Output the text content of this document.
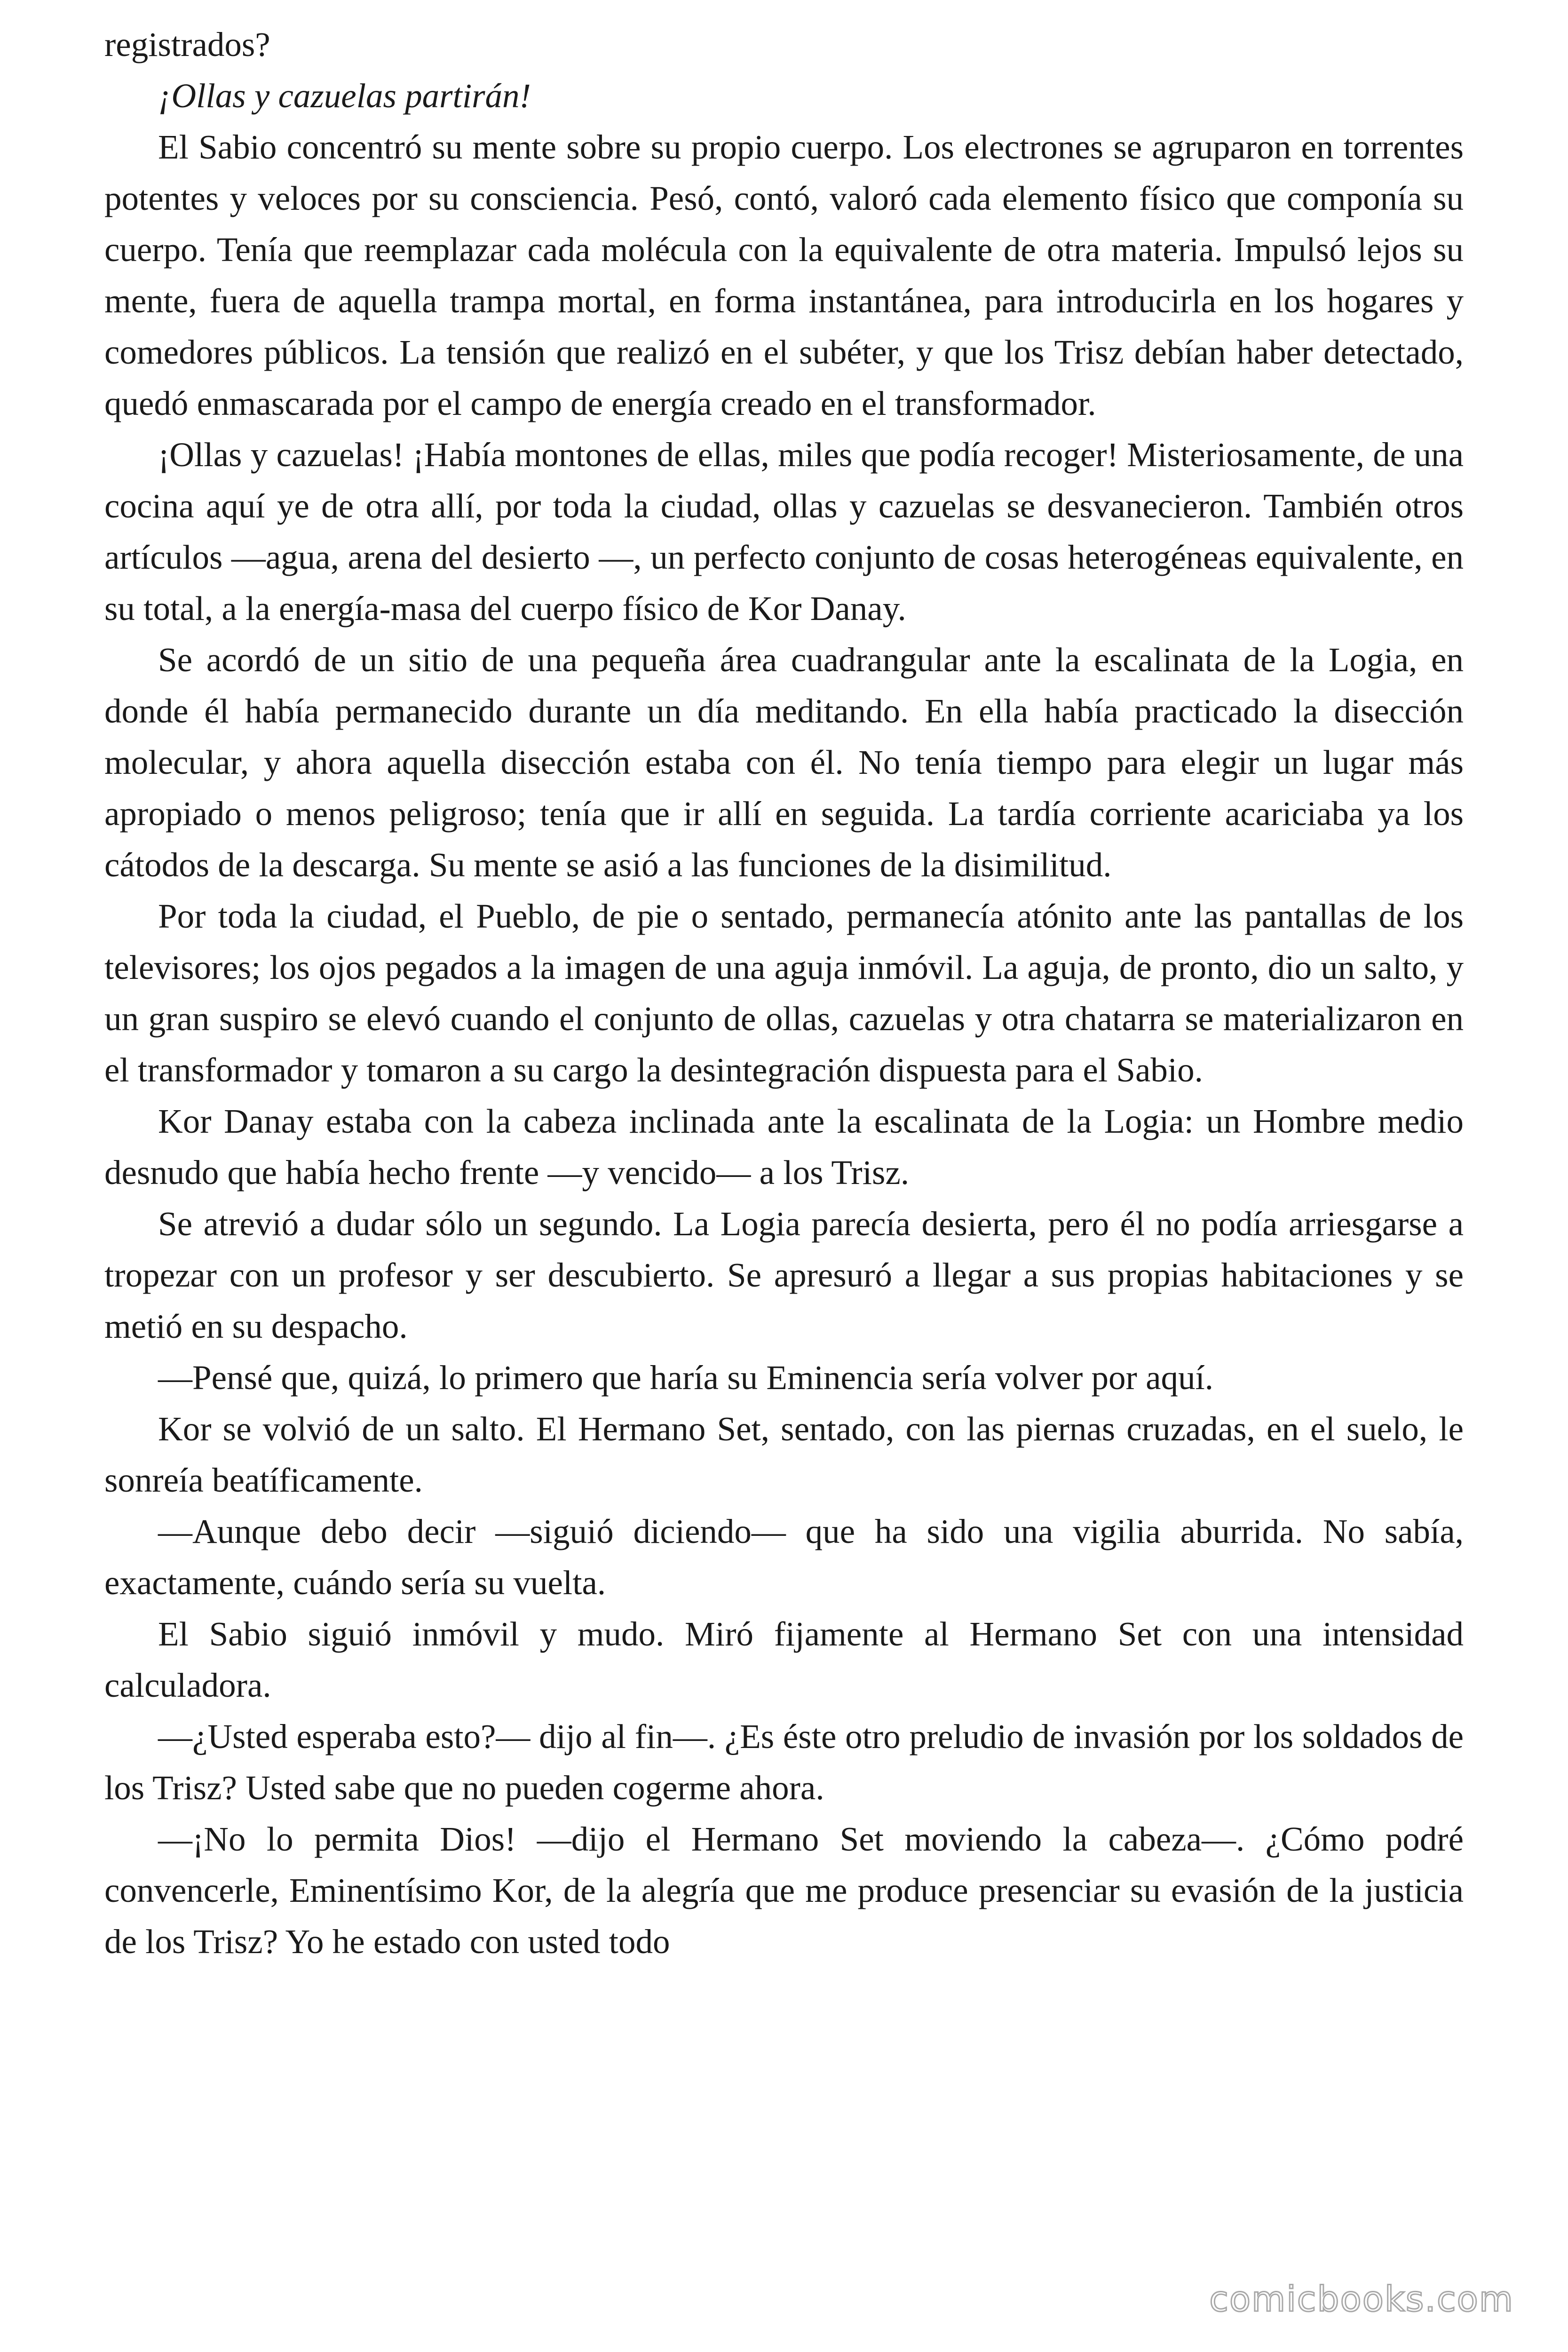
registrados?

¡Ollas y cazuelas partirán!

El Sabio concentró su mente sobre su propio cuerpo. Los electrones se agruparon en torrentes potentes y veloces por su consciencia. Pesó, contó, valoró cada elemento físico que componía su cuerpo. Tenía que reemplazar cada molécula con la equivalente de otra materia. Impulsó lejos su mente, fuera de aquella trampa mortal, en forma instantánea, para introducirla en los hogares y comedores públicos. La tensión que realizó en el subéter, y que los Trisz debían haber detectado, quedó enmascarada por el campo de energía creado en el transformador.

¡Ollas y cazuelas! ¡Había montones de ellas, miles que podía recoger! Misteriosamente, de una cocina aquí ye de otra allí, por toda la ciudad, ollas y cazuelas se desvanecieron. También otros artículos —agua, arena del desierto —, un perfecto conjunto de cosas heterogéneas equivalente, en su total, a la energía-masa del cuerpo físico de Kor Danay.

Se acordó de un sitio de una pequeña área cuadrangular ante la escalinata de la Logia, en donde él había permanecido durante un día meditando. En ella había practicado la disección molecular, y ahora aquella disección estaba con él. No tenía tiempo para elegir un lugar más apropiado o menos peligroso; tenía que ir allí en seguida. La tardía corriente acariciaba ya los cátodos de la descarga. Su mente se asió a las funciones de la disimilitud.

Por toda la ciudad, el Pueblo, de pie o sentado, permanecía atónito ante las pantallas de los televisores; los ojos pegados a la imagen de una aguja inmóvil. La aguja, de pronto, dio un salto, y un gran suspiro se elevó cuando el conjunto de ollas, cazuelas y otra chatarra se materializaron en el transformador y tomaron a su cargo la desintegración dispuesta para el Sabio.

Kor Danay estaba con la cabeza inclinada ante la escalinata de la Logia: un Hombre medio desnudo que había hecho frente —y vencido— a los Trisz.

Se atrevió a dudar sólo un segundo. La Logia parecía desierta, pero él no podía arriesgarse a tropezar con un profesor y ser descubierto. Se apresuró a llegar a sus propias habitaciones y se metió en su despacho.

—Pensé que, quizá, lo primero que haría su Eminencia sería volver por aquí.

Kor se volvió de un salto. El Hermano Set, sentado, con las piernas cruzadas, en el suelo, le sonreía beatíficamente.

—Aunque debo decir —siguió diciendo— que ha sido una vigilia aburrida. No sabía, exactamente, cuándo sería su vuelta.

El Sabio siguió inmóvil y mudo. Miró fijamente al Hermano Set con una intensidad calculadora.

—¿Usted esperaba esto?— dijo al fin—. ¿Es éste otro preludio de invasión por los soldados de los Trisz? Usted sabe que no pueden cogerme ahora.

—¡No lo permita Dios! —dijo el Hermano Set moviendo la cabeza—. ¿Cómo podré convencerle, Eminentísimo Kor, de la alegría que me produce presenciar su evasión de la justicia de los Trisz? Yo he estado con usted todo

comicbooks.com
